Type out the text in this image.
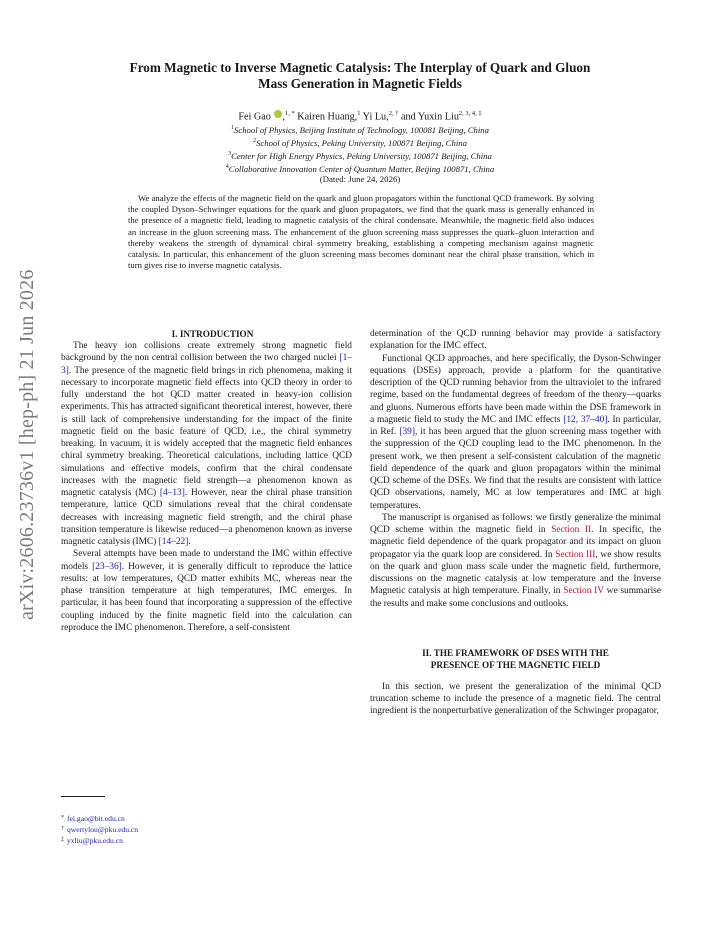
arXiv:2606.23736v1 [hep-ph] 21 Jun 2026
From Magnetic to Inverse Magnetic Catalysis: The Interplay of Quark and Gluon
Mass Generation in Magnetic Fields
Fei Gao ,$^{1, *}$ Kairen Huang,$^1$ Yi Lu,$^{2, \dagger}$ and Yuxin Liu$^{2, 3, 4, \ddagger}$
$^1$School of Physics, Beijing Institute of Technology, 100081 Beijing, China
$^2$School of Physics, Peking University, 100871 Beijing, China
$^3$Center for High Energy Physics, Peking University, 100871 Beijing, China
$^4$Collaborative Innovation Center of Quantum Matter, Beijing 100871, China
(Dated: June 24, 2026)

We analyze the effects of the magnetic field on the quark and gluon propagators within the functional QCD framework. By solving the coupled Dyson–Schwinger equations for the quark and gluon propagators, we find that the quark mass is generally enhanced in the presence of a magnetic field, leading to magnetic catalysis of the chiral condensate. Meanwhile, the magnetic field also induces an increase in the gluon screening mass. The enhancement of the gluon screening mass suppresses the quark–gluon interaction and thereby weakens the strength of dynamical chiral symmetry breaking, establishing a competing mechanism against magnetic catalysis. In particular, this enhancement of the gluon screening mass becomes dominant near the chiral phase transition, which in turn gives rise to inverse magnetic catalysis.

I. INTRODUCTION

The heavy ion collisions create extremely strong magnetic field background by the non central collision between the two charged nuclei [1–3]. The presence of the magnetic field brings in rich phenomena, making it necessary to incorporate magnetic field effects into QCD theory in order to fully understand the hot QCD matter created in heavy-ion collision experiments. This has attracted significant theoretical interest, however, there is still lack of comprehensive understanding for the impact of the finite magnetic field on the basic feature of QCD, i.e., the chiral symmetry breaking. In vacuum, it is widely accepted that the magnetic field enhances chiral symmetry breaking. Theoretical calculations, including lattice QCD simulations and effective models, confirm that the chiral condensate increases with the magnetic field strength—a phenomenon known as magnetic catalysis (MC) [4–13]. However, near the chiral phase transition temperature, lattice QCD simulations reveal that the chiral condensate decreases with increasing magnetic field strength, and the chiral phase transition temperature is likewise reduced—a phenomenon known as inverse magnetic catalysis (IMC) [14–22].

Several attempts have been made to understand the IMC within effective models [23–36]. However, it is generally difficult to reproduce the lattice results: at low temperatures, QCD matter exhibits MC, whereas near the phase transition temperature at high temperatures, IMC emerges. In particular, it has been found that incorporating a suppression of the effective coupling induced by the finite magnetic field into the calculation can reproduce the IMC phenomenon. Therefore, a self-consistent

determination of the QCD running behavior may provide a satisfactory explanation for the IMC effect.

Functional QCD approaches, and here specifically, the Dyson-Schwinger equations (DSEs) approach, provide a platform for the quantitative description of the QCD running behavior from the ultraviolet to the infrared regime, based on the fundamental degrees of freedom of the theory—quarks and gluons. Numerous efforts have been made within the DSE framework in a magnetic field to study the MC and IMC effects [12, 37–40]. In particular, in Ref. [39], it has been argued that the gluon screening mass together with the suppression of the QCD coupling lead to the IMC phenomenon. In the present work, we then present a self-consistent calculation of the magnetic field dependence of the quark and gluon propagators within the minimal QCD scheme of the DSEs. We find that the results are consistent with lattice QCD observations, namely, MC at low temperatures and IMC at high temperatures.

The manuscript is organised as follows: we firstly generalize the minimal QCD scheme within the magnetic field in Section II. In specific, the magnetic field dependence of the quark propagator and its impact on gluon propagator via the quark loop are considered. In Section III, we show results on the quark and gluon mass scale under the magnetic field, furthermore, discussions on the magnetic catalysis at low temperature and the Inverse Magnetic catalysis at high temperature. Finally, in Section IV we summarise the results and make some conclusions and outlooks.

II. THE FRAMEWORK OF DSES WITH THE
PRESENCE OF THE MAGNETIC FIELD

In this section, we present the generalization of the minimal QCD truncation scheme to include the presence of a magnetic field. The central ingredient is the nonperturbative generalization of the Schwinger propagator,

* fei.gao@bit.edu.cn

† qwertylou@pku.edu.cn

‡ yxliu@pku.edu.cn
